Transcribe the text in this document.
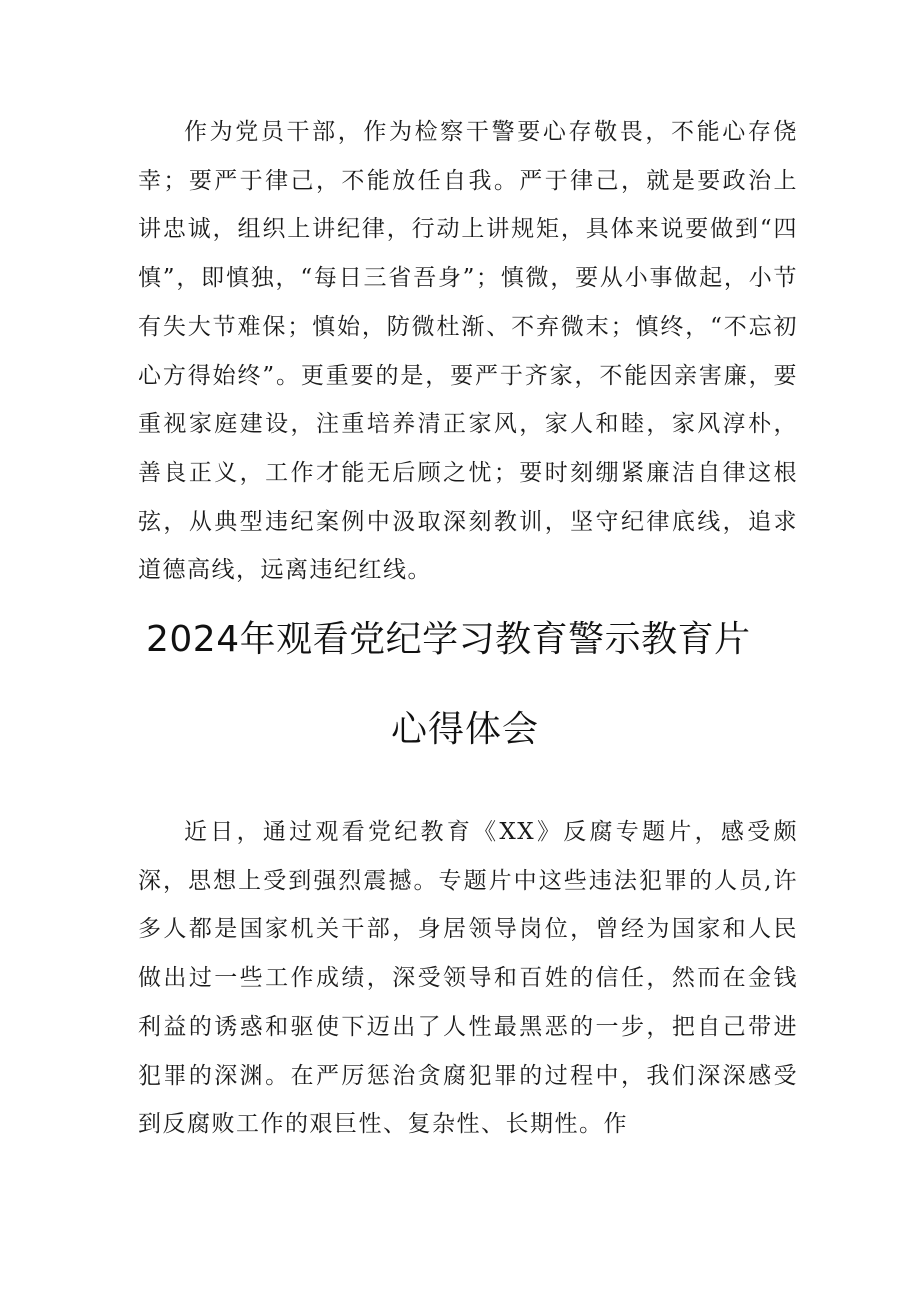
作为党员干部，作为检察干警要心存敬畏，不能心存侥幸；要严于律己，不能放任自我。严于律己，就是要政治上讲忠诚，组织上讲纪律，行动上讲规矩，具体来说要做到“四慎”，即慎独，“每日三省吾身”；慎微，要从小事做起，小节有失大节难保；慎始，防微杜渐、不弃微末；慎终，“不忘初心方得始终”。更重要的是，要严于齐家，不能因亲害廉，要重视家庭建设，注重培养清正家风，家人和睦，家风淳朴，善良正义，工作才能无后顾之忧；要时刻绷紧廉洁自律这根弦，从典型违纪案例中汲取深刻教训，坚守纪律底线，追求道德高线，远离违纪红线。

2024年观看党纪学习教育警示教育片
心得体会

近日，通过观看党纪教育《XX》反腐专题片，感受颇深，思想上受到强烈震撼。专题片中这些违法犯罪的人员,许多人都是国家机关干部，身居领导岗位，曾经为国家和人民做出过一些工作成绩，深受领导和百姓的信任，然而在金钱利益的诱惑和驱使下迈出了人性最黑恶的一步，把自己带进犯罪的深渊。在严厉惩治贪腐犯罪的过程中，我们深深感受到反腐败工作的艰巨性、复杂性、长期性。作
